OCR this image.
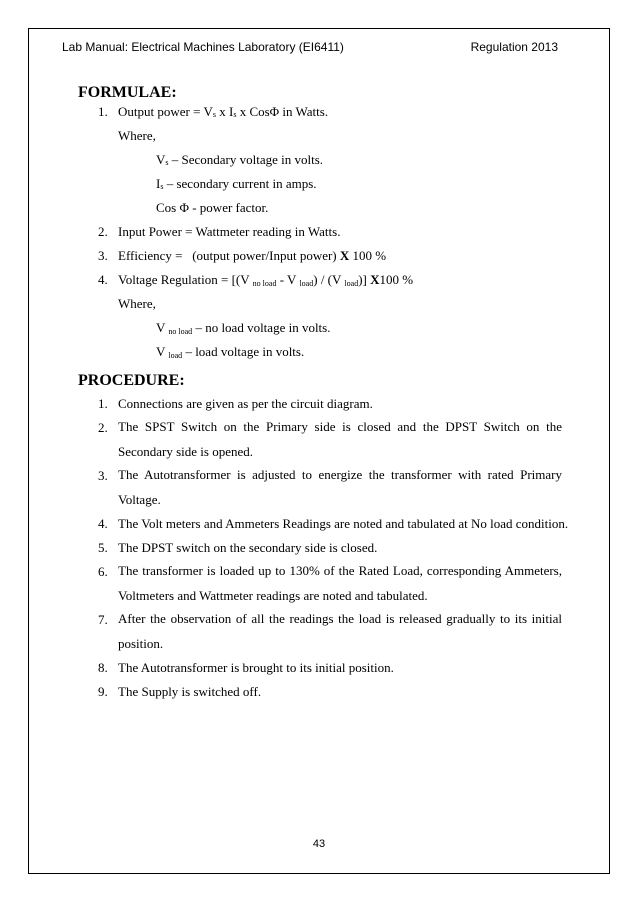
Lab Manual: Electrical Machines Laboratory (EI6411)	Regulation 2013
FORMULAE:
1. Output power = $V_s$ x $I_s$ x CosΦ in Watts.
Where,
$V_s$ – Secondary voltage in volts.
$I_s$ – secondary current in amps.
Cos Φ - power factor.
2. Input Power = Wattmeter reading in Watts.
3. Efficiency =   (output power/Input power) X 100 %
4. Voltage Regulation = [(V $_{no load}$ - V $_{load}$) / (V $_{load}$)] X100 %
Where,
V $_{no load}$ – no load voltage in volts.
V $_{load}$ – load voltage in volts.
PROCEDURE:
1. Connections are given as per the circuit diagram.
2. The SPST Switch on the Primary side is closed and the DPST Switch on the Secondary side is opened.
3. The Autotransformer is adjusted to energize the transformer with rated Primary Voltage.
4. The Volt meters and Ammeters Readings are noted and tabulated at No load condition.
5. The DPST switch on the secondary side is closed.
6. The transformer is loaded up to 130% of the Rated Load, corresponding Ammeters, Voltmeters and Wattmeter readings are noted and tabulated.
7. After the observation of all the readings the load is released gradually to its initial position.
8. The Autotransformer is brought to its initial position.
9. The Supply is switched off.
43
